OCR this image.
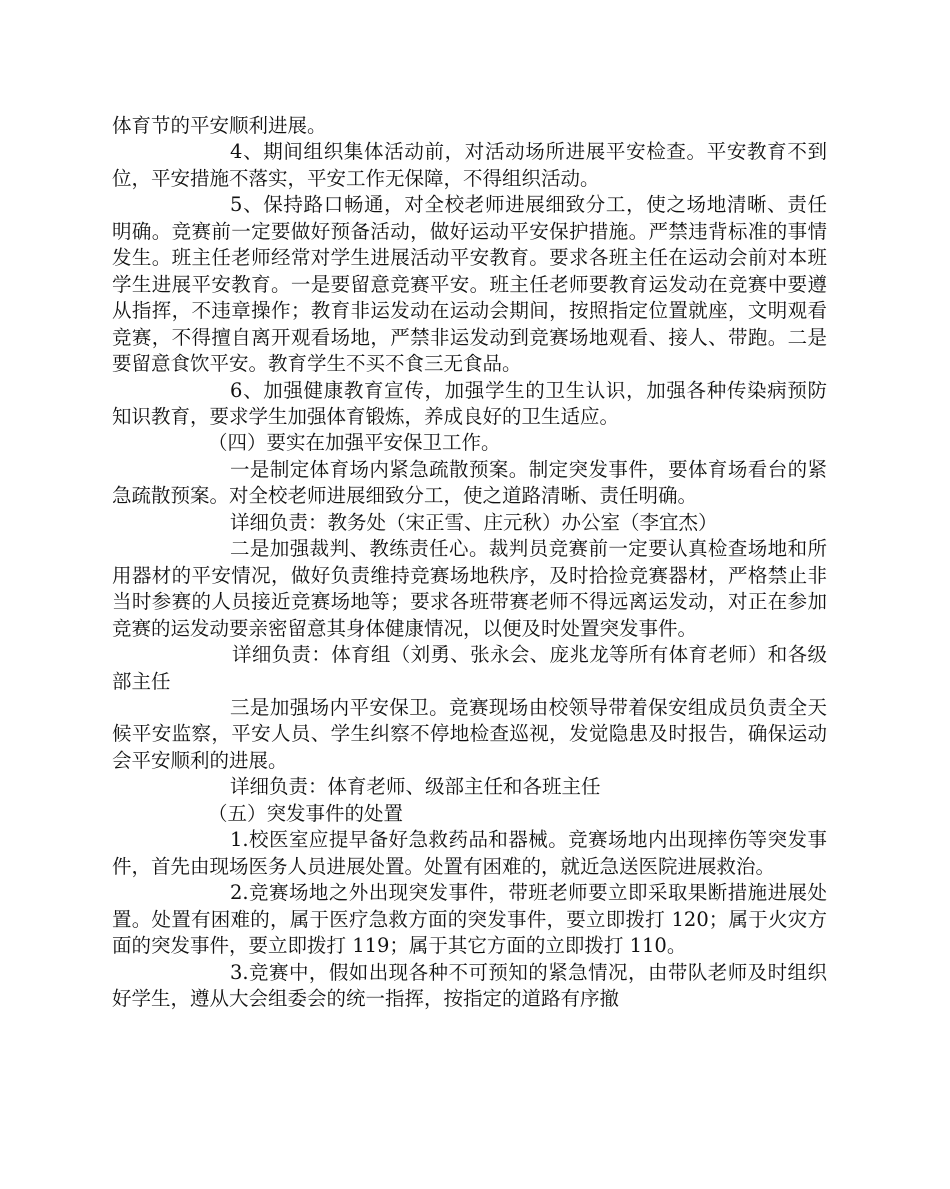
体育节的平安顺利进展。

4、期间组织集体活动前，对活动场所进展平安检查。平安教育不到位，平安措施不落实，平安工作无保障，不得组织活动。

5、保持路口畅通，对全校老师进展细致分工，使之场地清晰、责任明确。竞赛前一定要做好预备活动，做好运动平安保护措施。严禁违背标准的事情发生。班主任老师经常对学生进展活动平安教育。要求各班主任在运动会前对本班学生进展平安教育。一是要留意竞赛平安。班主任老师要教育运发动在竞赛中要遵从指挥，不违章操作；教育非运发动在运动会期间，按照指定位置就座，文明观看竞赛，不得擅自离开观看场地，严禁非运发动到竞赛场地观看、接人、带跑。二是要留意食饮平安。教育学生不买不食三无食品。

6、加强健康教育宣传，加强学生的卫生认识，加强各种传染病预防知识教育，要求学生加强体育锻炼，养成良好的卫生适应。

（四）要实在加强平安保卫工作。

一是制定体育场内紧急疏散预案。制定突发事件，要体育场看台的紧急疏散预案。对全校老师进展细致分工，使之道路清晰、责任明确。

详细负责：教务处（宋正雪、庄元秋）办公室（李宜杰）

二是加强裁判、教练责任心。裁判员竞赛前一定要认真检查场地和所用器材的平安情况，做好负责维持竞赛场地秩序，及时拾捡竞赛器材，严格禁止非当时参赛的人员接近竞赛场地等；要求各班带赛老师不得远离运发动，对正在参加竞赛的运发动要亲密留意其身体健康情况，以便及时处置突发事件。

详细负责：体育组（刘勇、张永会、庞兆龙等所有体育老师）和各级部主任

三是加强场内平安保卫。竞赛现场由校领导带着保安组成员负责全天候平安监察，平安人员、学生纠察不停地检查巡视，发觉隐患及时报告，确保运动会平安顺利的进展。

详细负责：体育老师、级部主任和各班主任

（五）突发事件的处置

1.校医室应提早备好急救药品和器械。竞赛场地内出现摔伤等突发事件，首先由现场医务人员进展处置。处置有困难的，就近急送医院进展救治。

2.竞赛场地之外出现突发事件，带班老师要立即采取果断措施进展处置。处置有困难的，属于医疗急救方面的突发事件，要立即拨打 120；属于火灾方面的突发事件，要立即拨打 119；属于其它方面的立即拨打 110。

3.竞赛中，假如出现各种不可预知的紧急情况，由带队老师及时组织好学生，遵从大会组委会的统一指挥，按指定的道路有序撤
